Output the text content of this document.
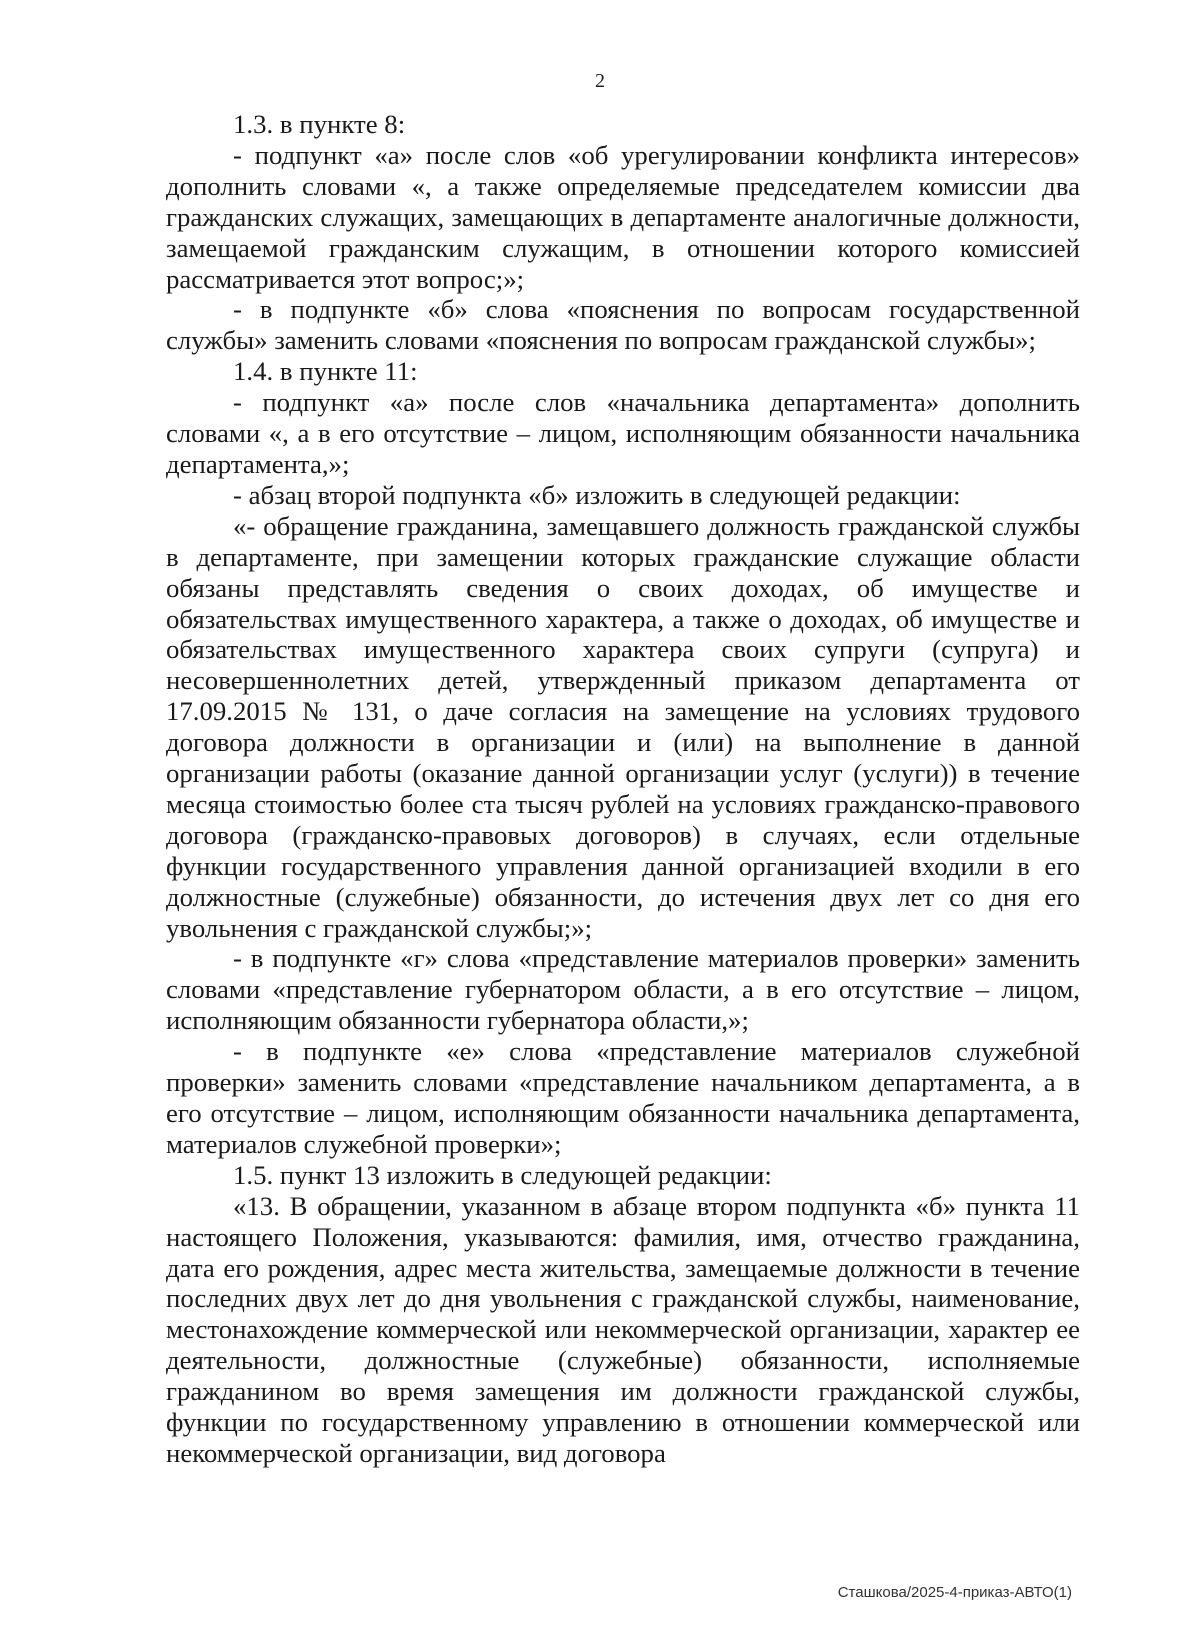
2

1.3. в пункте 8:

- подпункт «а» после слов «об урегулировании конфликта интересов» дополнить словами «, а также определяемые председателем комиссии два гражданских служащих, замещающих в департаменте аналогичные должности, замещаемой гражданским служащим, в отношении которого комиссией рассматривается этот вопрос;»;

- в подпункте «б» слова «пояснения по вопросам государственной службы» заменить словами «пояснения по вопросам гражданской службы»;

1.4. в пункте 11:

- подпункт «а» после слов «начальника департамента» дополнить словами «, а в его отсутствие – лицом, исполняющим обязанности начальника департамента,»;

- абзац второй подпункта «б» изложить в следующей редакции:

«- обращение гражданина, замещавшего должность гражданской службы в департаменте, при замещении которых гражданские служащие области обязаны представлять сведения о своих доходах, об имуществе и обязательствах имущественного характера, а также о доходах, об имуществе и обязательствах имущественного характера своих супруги (супруга) и несовершеннолетних детей, утвержденный приказом департамента от 17.09.2015 № 131, о даче согласия на замещение на условиях трудового договора должности в организации и (или) на выполнение в данной организации работы (оказание данной организации услуг (услуги)) в течение месяца стоимостью более ста тысяч рублей на условиях гражданско-правового договора (гражданско-правовых договоров) в случаях, если отдельные функции государственного управления данной организацией входили в его должностные (служебные) обязанности, до истечения двух лет со дня его увольнения с гражданской службы;»;

- в подпункте «г» слова «представление материалов проверки» заменить словами «представление губернатором области, а в его отсутствие – лицом, исполняющим обязанности губернатора области,»;

- в подпункте «е» слова «представление материалов служебной проверки» заменить словами «представление начальником департамента, а в его отсутствие – лицом, исполняющим обязанности начальника департамента, материалов служебной проверки»;

1.5. пункт 13 изложить в следующей редакции:

«13. В обращении, указанном в абзаце втором подпункта «б» пункта 11 настоящего Положения, указываются: фамилия, имя, отчество гражданина, дата его рождения, адрес места жительства, замещаемые должности в течение последних двух лет до дня увольнения с гражданской службы, наименование, местонахождение коммерческой или некоммерческой организации, характер ее деятельности, должностные (служебные) обязанности, исполняемые гражданином во время замещения им должности гражданской службы, функции по государственному управлению в отношении коммерческой или некоммерческой организации, вид договора

Сташкова/2025-4-приказ-АВТО(1)
